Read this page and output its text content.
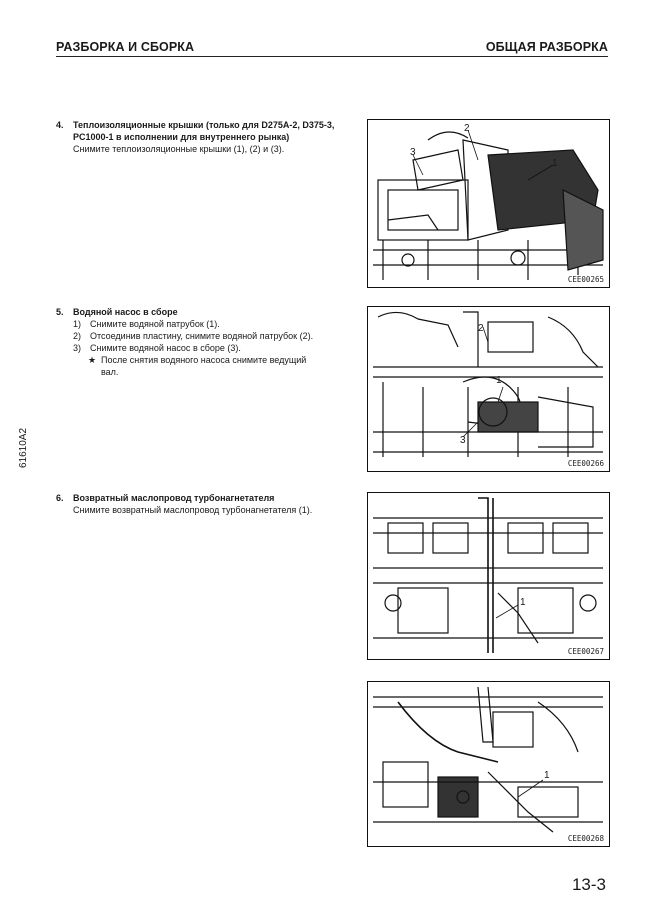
РАЗБОРКА И СБОРКА	ОБЩАЯ РАЗБОРКА
61610A2
4. Теплоизоляционные крышки (только для D275A-2, D375-3, PC1000-1 в исполнении для внутреннего рынка)
Снимите теплоизоляционные крышки (1), (2) и (3).
5. Водяной насос в сборе
1) Снимите водяной патрубок (1).
2) Отсоединив пластину, снимите водяной патрубок (2).
3) Снимите водяной насос в сборе (3).
★ После снятия водяного насоса снимите ведущий вал.
6. Возвратный маслопровод турбонагнетателя
Снимите возвратный маслопровод турбонагнетателя (1).
1
2
3
CEE00265
1
2
3
CEE00266
1
CEE00267
1
CEE00268
13-3
